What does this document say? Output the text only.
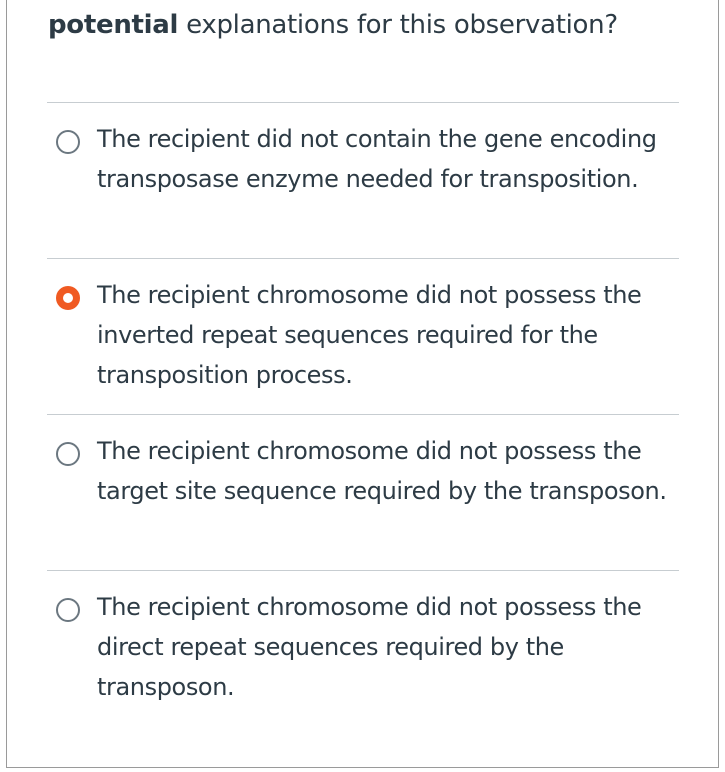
potential explanations for this observation?
The recipient did not contain the gene encoding transposase enzyme needed for transposition.
The recipient chromosome did not possess the inverted repeat sequences required for the transposition process.
The recipient chromosome did not possess the target site sequence required by the transposon.
The recipient chromosome did not possess the direct repeat sequences required by the transposon.
